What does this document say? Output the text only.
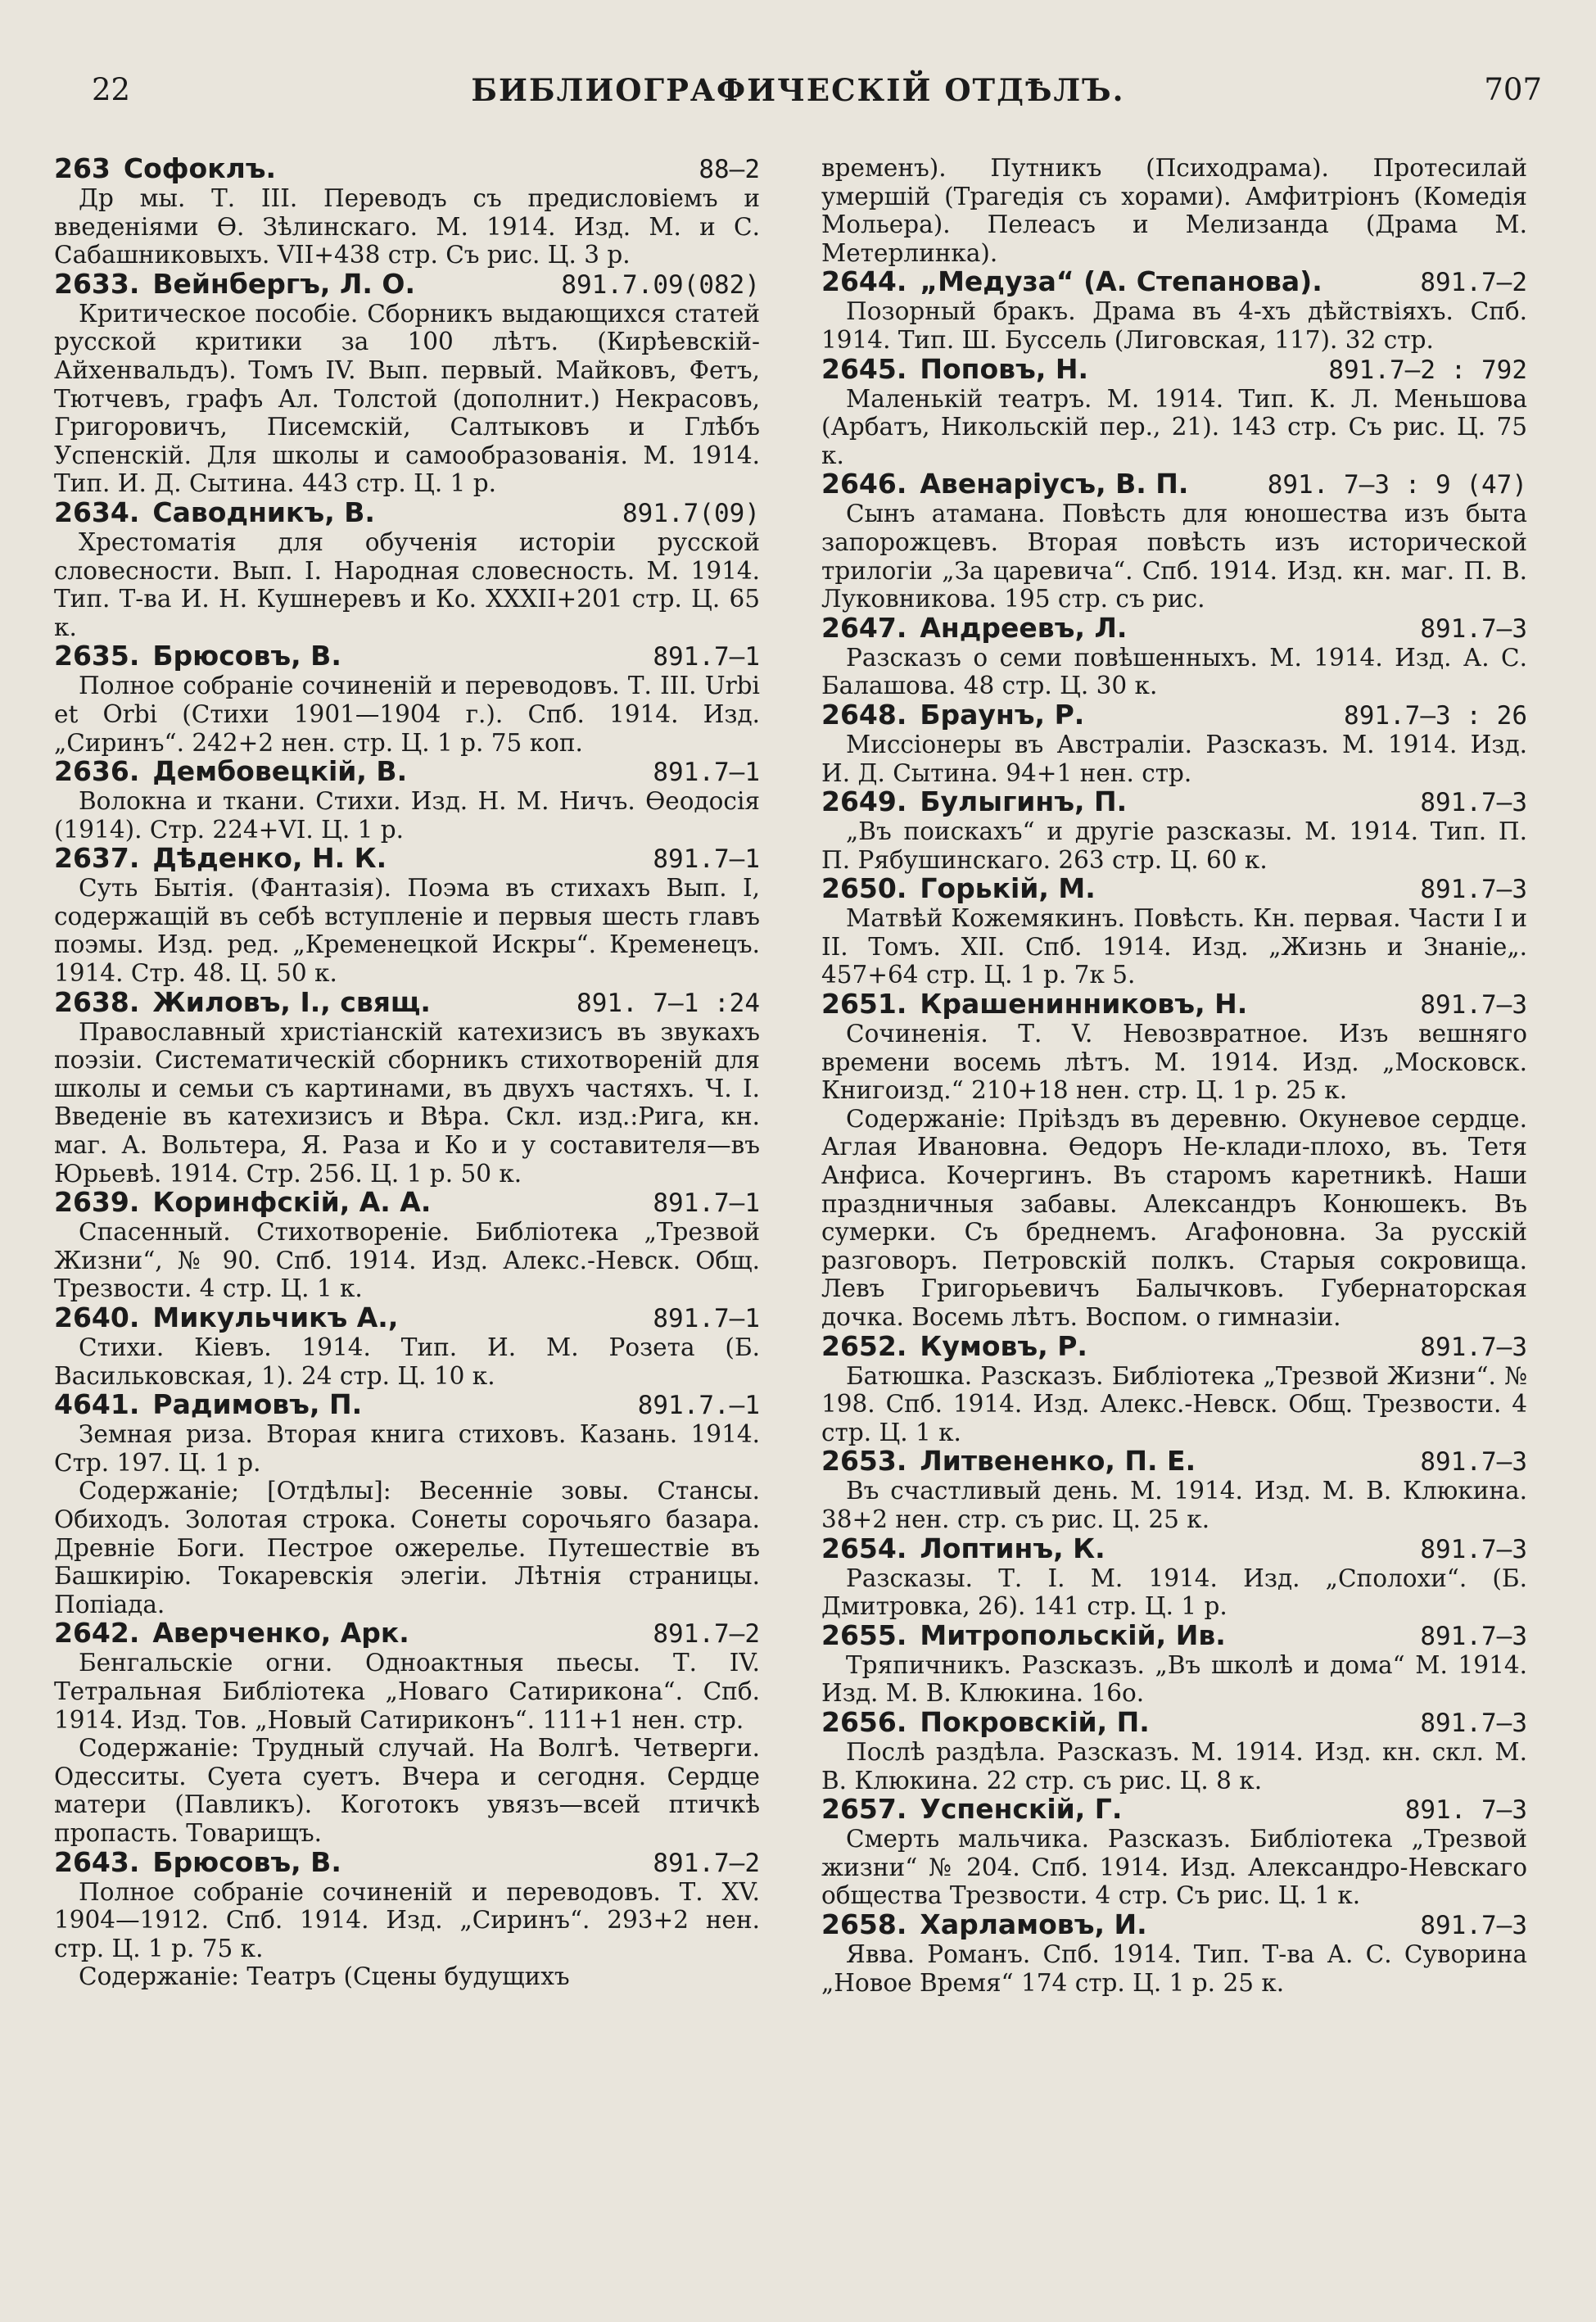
22	БИБЛИОГРАФИЧЕСКІЙ ОТДѢЛЪ.	707
263 Софоклъ.	88—2
Др мы. Т. III. Переводъ съ предисловіемъ и введеніями Ѳ. Зѣлинскаго. М. 1914. Изд. М. и С. Сабашниковыхъ. VII+438 стр. Съ рис. Ц. 3 р.
2633. Вейнбергъ, Л. О.	891.7.09(082)
Критическое пособіе. Сборникъ выдающихся статей русской критики за 100 лѣтъ. (Кирѣевскій-Айхенвальдъ). Томъ IV. Вып. первый. Майковъ, Фетъ, Тютчевъ, графъ Ал. Толстой (дополнит.) Некрасовъ, Григоровичъ, Писемскій, Салтыковъ и Глѣбъ Успенскій. Для школы и самообразованія. М. 1914. Тип. И. Д. Сытина. 443 стр. Ц. 1 р.
2634. Саводникъ, В.	891.7(09)
Хрестоматія для обученія исторіи русской словесности. Вып. I. Народная словесность. М. 1914. Тип. Т-ва И. Н. Кушнеревъ и Ко. XXXII+201 стр. Ц. 65 к.
2635. Брюсовъ, В.	891.7—1
Полное собраніе сочиненій и переводовъ. Т. III. Urbi et Orbi (Стихи 1901—1904 г.). Спб. 1914. Изд. „Сиринъ“. 242+2 нен. стр. Ц. 1 р. 75 коп.
2636. Дембовецкій, В.	891.7—1
Волокна и ткани. Стихи. Изд. Н. М. Ничъ. Ѳеодосія (1914). Стр. 224+VI. Ц. 1 р.
2637. Дѣденко, Н. К.	891.7—1
Суть Бытія. (Фантазія). Поэма въ стихахъ Вып. I, содержащій въ себѣ вступленіе и первыя шесть главъ поэмы. Изд. ред. „Кременецкой Искры“. Кременецъ. 1914. Стр. 48. Ц. 50 к.
2638. Жиловъ, І., свящ.	891. 7—1 :24
Православный христіанскій катехизисъ въ звукахъ поэзіи. Систематическій сборникъ стихотвореній для школы и семьи съ картинами, въ двухъ частяхъ. Ч. I. Введеніе въ катехизисъ и Вѣра. Скл. изд.:Рига, кн. маг. А. Вольтера, Я. Раза и Ко и у составителя—въ Юрьевѣ. 1914. Стр. 256. Ц. 1 р. 50 к.
2639. Коринфскій, А. А.	891.7—1
Спасенный. Стихотвореніе. Библіотека „Трезвой Жизни“, № 90. Спб. 1914. Изд. Алекс.-Невск. Общ. Трезвости. 4 стр. Ц. 1 к.
2640. Микульчикъ А.,	891.7—1
Стихи. Кіевъ. 1914. Тип. И. М. Розета (Б. Васильковская, 1). 24 стр. Ц. 10 к.
4641. Радимовъ, П.	891.7.—1
Земная риза. Вторая книга стиховъ. Казань. 1914. Стр. 197. Ц. 1 р.
Содержаніе; [Отдѣлы]: Весенніе зовы. Стансы. Обиходъ. Золотая строка. Сонеты сорочьяго базара. Древніе Боги. Пестрое ожерелье. Путешествіе въ Башкирію. Токаревскія элегіи. Лѣтнія страницы. Попіада.
2642. Аверченко, Арк.	891.7—2
Бенгальскіе огни. Одноактныя пьесы. Т. IV. Тетральная Библіотека „Новаго Сатирикона“. Спб. 1914. Изд. Тов. „Новый Сатириконъ“. 111+1 нен. стр.
Содержаніе: Трудный случай. На Волгѣ. Четверги. Одесситы. Суета суетъ. Вчера и сегодня. Сердце матери (Павликъ). Коготокъ увязъ—всей птичкѣ пропасть. Товарищъ.
2643. Брюсовъ, В.	891.7—2
Полное собраніе сочиненій и переводовъ. Т. XV. 1904—1912. Спб. 1914. Изд. „Сиринъ“. 293+2 нен. стр. Ц. 1 р. 75 к.
Содержаніе: Театръ (Сцены будущихъ
временъ). Путникъ (Психодрама). Протесилай умершій (Трагедія съ хорами). Амфитріонъ (Комедія Мольера). Пелеасъ и Мелизанда (Драма М. Метерлинка).
2644. „Медуза“ (А. Степанова).	891.7—2
Позорный бракъ. Драма въ 4-хъ дѣйствіяхъ. Спб. 1914. Тип. Ш. Буссель (Лиговская, 117). 32 стр.
2645. Поповъ, Н.	891.7—2 : 792
Маленькій театръ. М. 1914. Тип. К. Л. Меньшова (Арбатъ, Никольскій пер., 21). 143 стр. Съ рис. Ц. 75 к.
2646. Авенаріусъ, В. П.	891. 7—3 : 9 (47)
Сынъ атамана. Повѣсть для юношества изъ быта запорожцевъ. Вторая повѣсть изъ исторической трилогіи „За царевича“. Спб. 1914. Изд. кн. маг. П. В. Луковникова. 195 стр. съ рис.
2647. Андреевъ, Л.	891.7—3
Разсказъ о семи повѣшенныхъ. М. 1914. Изд. А. С. Балашова. 48 стр. Ц. 30 к.
2648. Браунъ, Р.	891.7—3 : 26
Миссіонеры въ Австраліи. Разсказъ. М. 1914. Изд. И. Д. Сытина. 94+1 нен. стр.
2649. Булыгинъ, П.	891.7—3
„Въ поискахъ“ и другіе разсказы. М. 1914. Тип. П. П. Рябушинскаго. 263 стр. Ц. 60 к.
2650. Горькій, М.	891.7—3
Матвѣй Кожемякинъ. Повѣсть. Кн. первая. Части I и II. Томъ. XII. Спб. 1914. Изд. „Жизнь и Знаніе„. 457+64 стр. Ц. 1 р. 7к 5.
2651. Крашенинниковъ, Н.	891.7—3
Сочиненія. Т. V. Невозвратное. Изъ вешняго времени восемь лѣтъ. М. 1914. Изд. „Московск. Книгоизд.“ 210+18 нен. стр. Ц. 1 р. 25 к.
Содержаніе: Пріѣздъ въ деревню. Окуневое сердце. Аглая Ивановна. Ѳедоръ Не-клади-плохо, въ. Тетя Анфиса. Кочергинъ. Въ старомъ каретникѣ. Наши праздничныя забавы. Александръ Конюшекъ. Въ сумерки. Съ бреднемъ. Агафоновна. За русскій разговоръ. Петровскій полкъ. Старыя сокровища. Левъ Григорьевичъ Балычковъ. Губернаторская дочка. Восемь лѣтъ. Воспом. о гимназіи.
2652. Кумовъ, Р.	891.7—3
Батюшка. Разсказъ. Библіотека „Трезвой Жизни“. № 198. Спб. 1914. Изд. Алекс.-Невск. Общ. Трезвости. 4 стр. Ц. 1 к.
2653. Литвененко, П. Е.	891.7—3
Въ счастливый день. М. 1914. Изд. М. В. Клюкина. 38+2 нен. стр. съ рис. Ц. 25 к.
2654. Лоптинъ, К.	891.7—3
Разсказы. Т. I. М. 1914. Изд. „Сполохи“. (Б. Дмитровка, 26). 141 стр. Ц. 1 р.
2655. Митропольскій, Ив.	891.7—3
Тряпичникъ. Разсказъ. „Въ школѣ и дома“ М. 1914. Изд. М. В. Клюкина. 16о.
2656. Покровскій, П.	891.7—3
Послѣ раздѣла. Разсказъ. М. 1914. Изд. кн. скл. М. В. Клюкина. 22 стр. съ рис. Ц. 8 к.
2657. Успенскій, Г.	891. 7—3
Смерть мальчика. Разсказъ. Библіотека „Трезвой жизни“ № 204. Спб. 1914. Изд. Александро-Невскаго общества Трезвости. 4 стр. Съ рис. Ц. 1 к.
2658. Харламовъ, И.	891.7—3
Явва. Романъ. Спб. 1914. Тип. Т-ва А. С. Суворина „Новое Время“ 174 стр. Ц. 1 р. 25 к.
